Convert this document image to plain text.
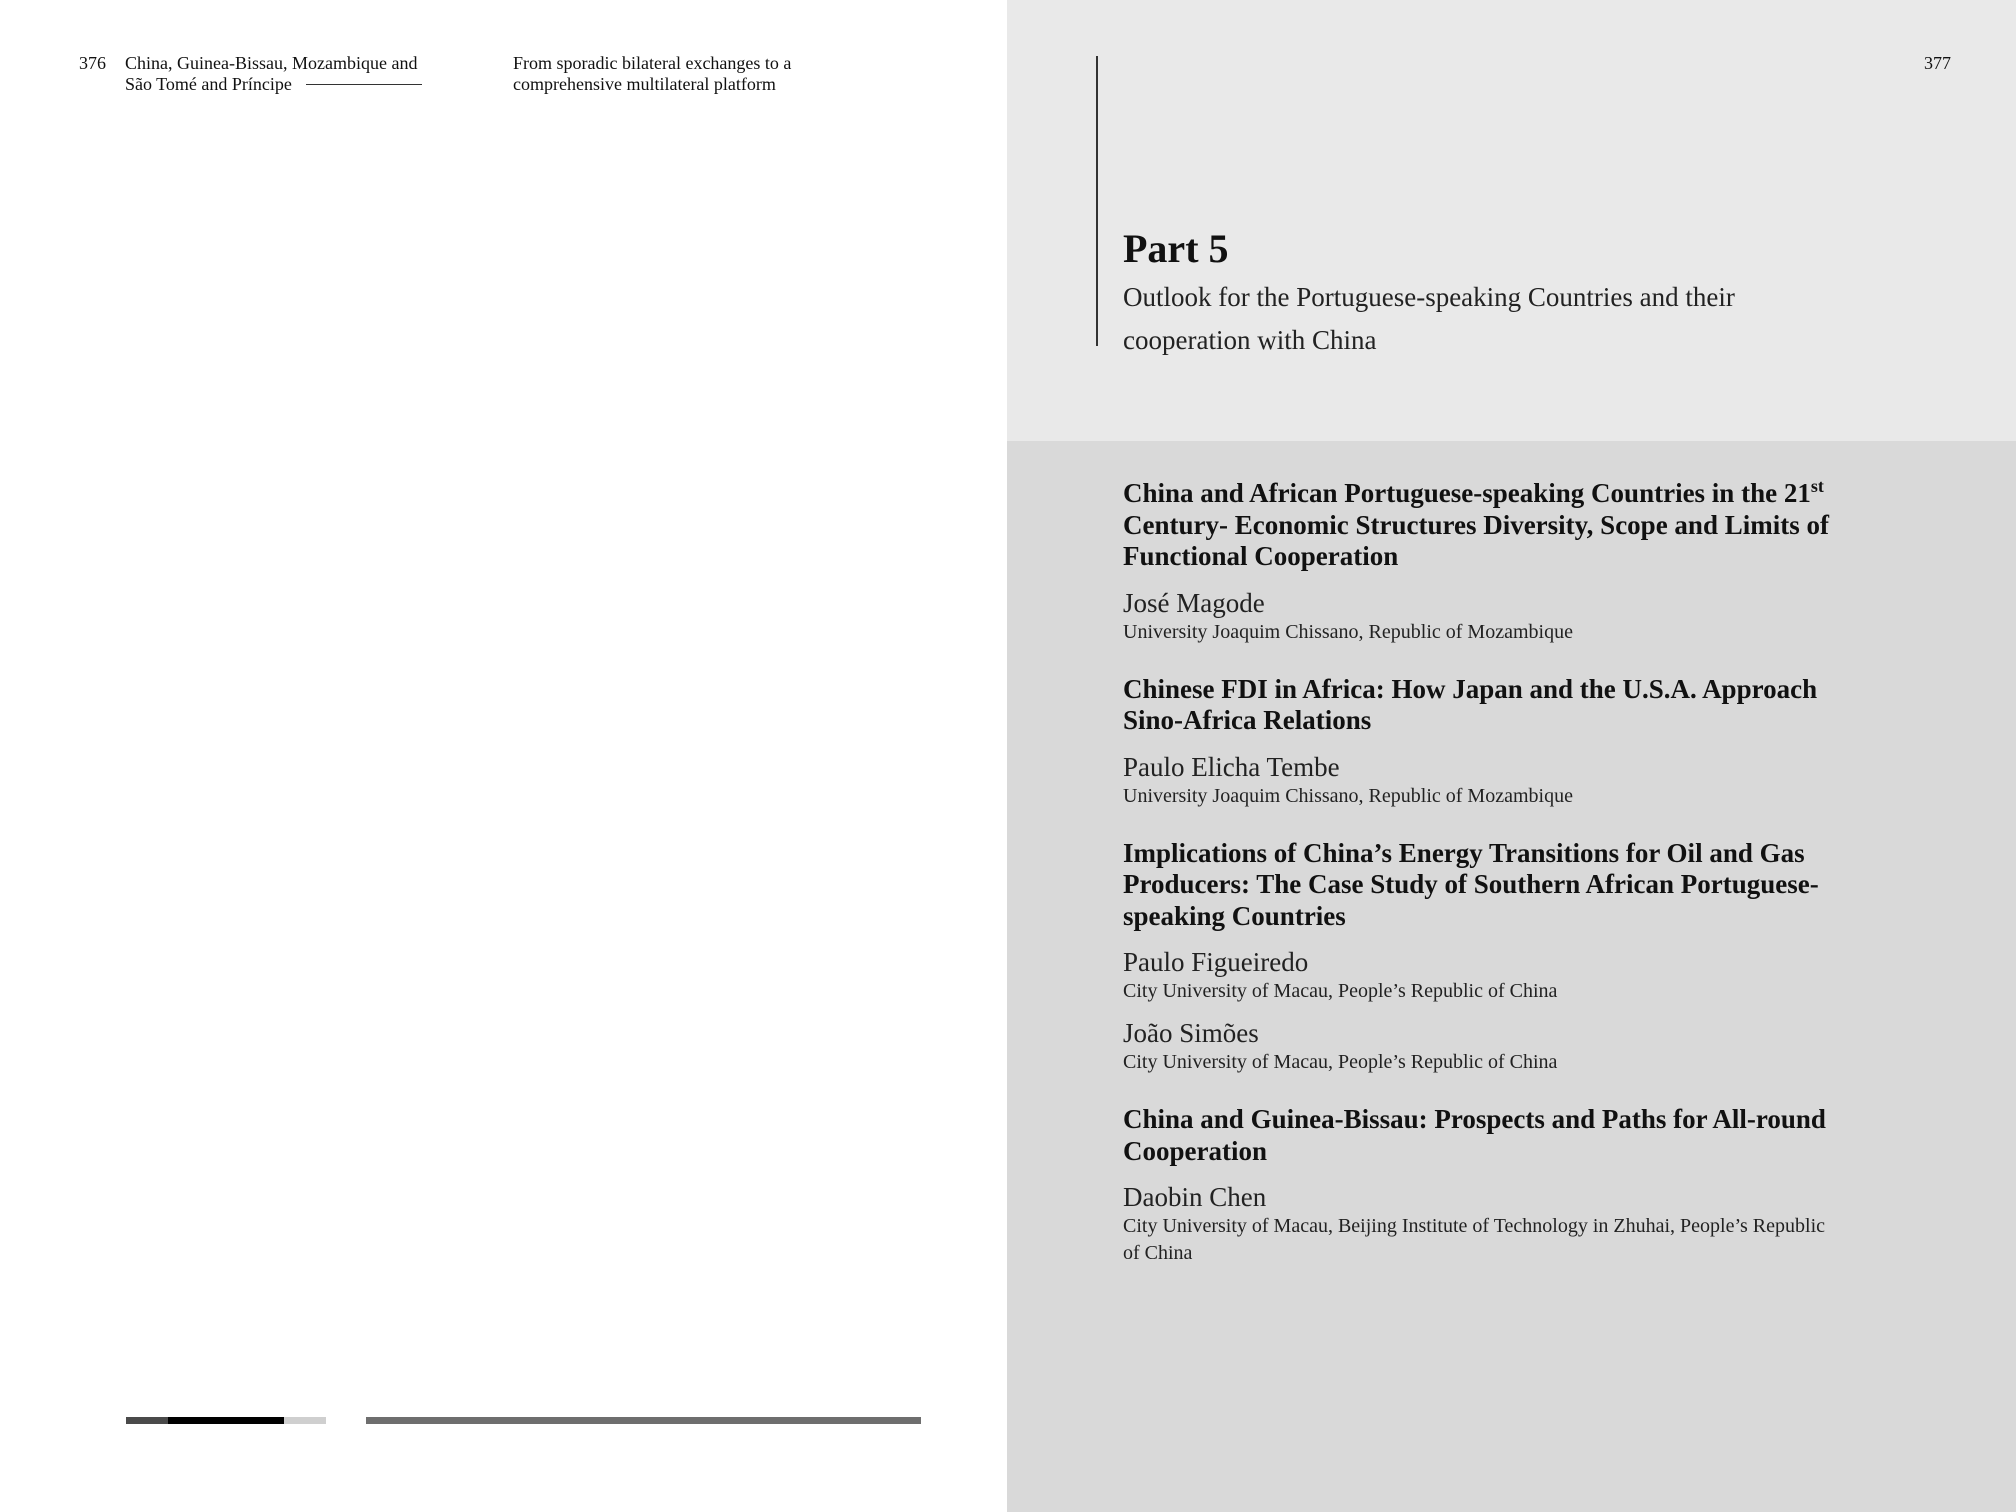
376 China, Guinea-Bissau, Mozambique and
São Tomé and Príncipe
From sporadic bilateral exchanges to a
comprehensive multilateral platform
377
Part 5
Outlook for the Portuguese-speaking Countries and their
cooperation with China
China and African Portuguese-speaking Countries in the 21st
Century- Economic Structures Diversity, Scope and Limits of
Functional Cooperation
José Magode
University Joaquim Chissano, Republic of Mozambique
Chinese FDI in Africa: How Japan and the U.S.A. Approach
Sino-Africa Relations
Paulo Elicha Tembe
University Joaquim Chissano, Republic of Mozambique
Implications of China’s Energy Transitions for Oil and Gas
Producers: The Case Study of Southern African Portuguese-
speaking Countries
Paulo Figueiredo
City University of Macau, People’s Republic of China
João Simões
City University of Macau, People’s Republic of China
China and Guinea-Bissau: Prospects and Paths for All-round
Cooperation
Daobin Chen
City University of Macau, Beijing Institute of Technology in Zhuhai, People’s Republic
of China
